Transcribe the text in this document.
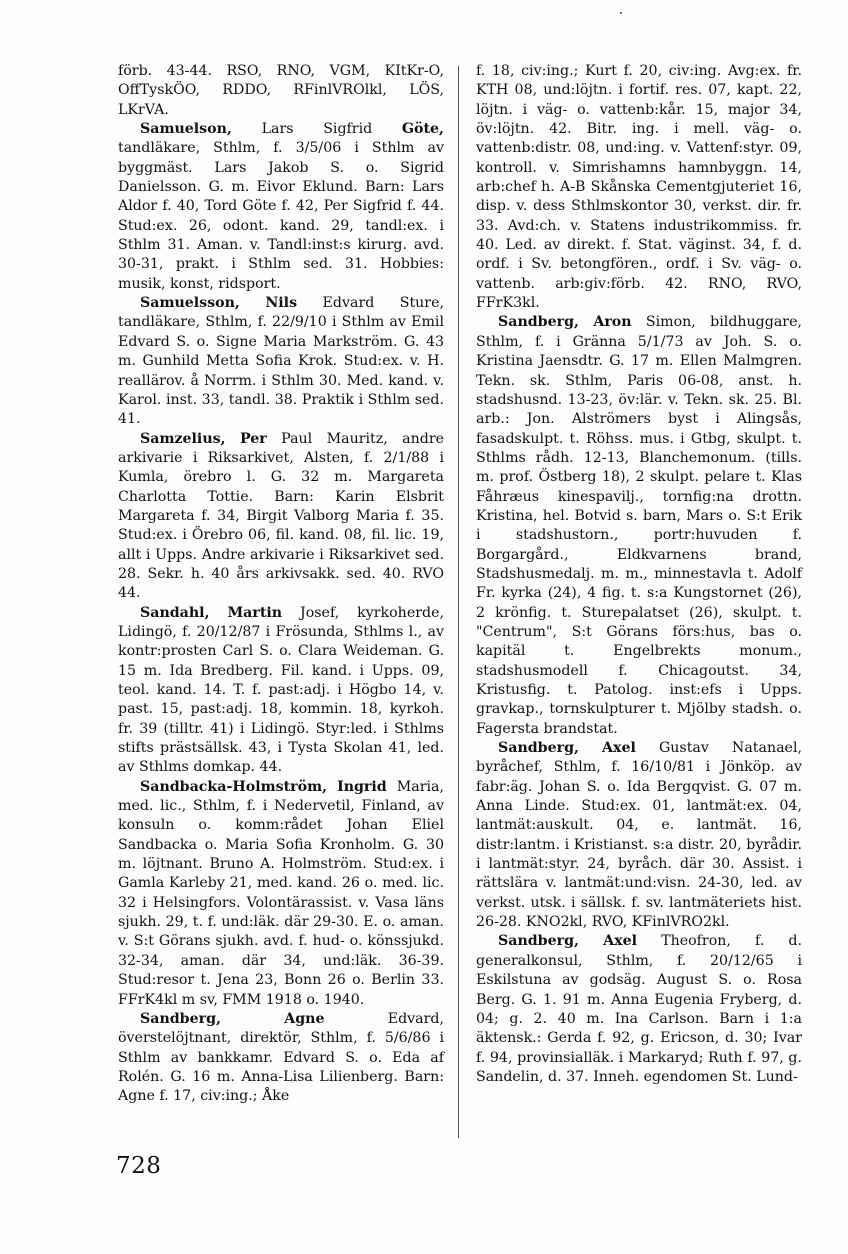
förb. 43-44. RSO, RNO, VGM, KItKr-O, OffTyskÖO, RDDO, RFinlVROlkl, LÖS, LKrVA.

Samuelson, Lars Sigfrid Göte, tandläkare, Sthlm, f. 3/5/06 i Sthlm av byggmäst. Lars Jakob S. o. Sigrid Danielsson. G. m. Eivor Eklund. Barn: Lars Aldor f. 40, Tord Göte f. 42, Per Sigfrid f. 44. Stud:ex. 26, odont. kand. 29, tandl:ex. i Sthlm 31. Aman. v. Tandl:inst:s kirurg. avd. 30-31, prakt. i Sthlm sed. 31. Hobbies: musik, konst, ridsport.

Samuelsson, Nils Edvard Sture, tandläkare, Sthlm, f. 22/9/10 i Sthlm av Emil Edvard S. o. Signe Maria Markström. G. 43 m. Gunhild Metta Sofia Krok. Stud:ex. v. H. reallärov. å Norrm. i Sthlm 30. Med. kand. v. Karol. inst. 33, tandl. 38. Praktik i Sthlm sed. 41.

Samzelius, Per Paul Mauritz, andre arkivarie i Riksarkivet, Alsten, f. 2/1/88 i Kumla, örebro l. G. 32 m. Margareta Charlotta Tottie. Barn: Karin Elsbrit Margareta f. 34, Birgit Valborg Maria f. 35. Stud:ex. i Örebro 06, fil. kand. 08, fil. lic. 19, allt i Upps. Andre arkivarie i Riksarkivet sed. 28. Sekr. h. 40 års arkivsakk. sed. 40. RVO 44.

Sandahl, Martin Josef, kyrkoherde, Lidingö, f. 20/12/87 i Frösunda, Sthlms l., av kontr:prosten Carl S. o. Clara Weideman. G. 15 m. Ida Bredberg. Fil. kand. i Upps. 09, teol. kand. 14. T. f. past:adj. i Högbo 14, v. past. 15, past:adj. 18, kommin. 18, kyrkoh. fr. 39 (tilltr. 41) i Lidingö. Styr:led. i Sthlms stifts prästsällsk. 43, i Tysta Skolan 41, led. av Sthlms domkap. 44.

Sandbacka-Holmström, Ingrid Maria, med. lic., Sthlm, f. i Nedervetil, Finland, av konsuln o. komm:rådet Johan Eliel Sandbacka o. Maria Sofia Kronholm. G. 30 m. löjtnant. Bruno A. Holmström. Stud:ex. i Gamla Karleby 21, med. kand. 26 o. med. lic. 32 i Helsingfors. Volontärassist. v. Vasa läns sjukh. 29, t. f. und:läk. där 29-30. E. o. aman. v. S:t Görans sjukh. avd. f. hud- o. könssjukd. 32-34, aman. där 34, und:läk. 36-39. Stud:resor t. Jena 23, Bonn 26 o. Berlin 33. FFrK4kl m sv, FMM 1918 o. 1940.

Sandberg,	Agne Edvard, överstelöjtnant, direktör, Sthlm, f. 5/6/86 i Sthlm av bankkamr. Edvard S. o. Eda af Rolén. G. 16 m. Anna-Lisa Lilienberg. Barn: Agne f. 17, civ:ing.; Åke

f. 18, civ:ing.; Kurt f. 20, civ:ing. Avg:ex. fr. KTH 08, und:löjtn. i fortif. res. 07, kapt. 22, löjtn. i väg- o. vattenb:kår. 15, major 34, öv:löjtn. 42. Bitr. ing. i mell. väg- o. vattenb:distr. 08, und:ing. v. Vattenf:styr. 09, kontroll. v. Simrishamns hamnbyggn. 14, arb:chef h. A-B Skånska Cementgjuteriet 16, disp. v. dess Sthlmskontor 30, verkst. dir. fr. 33. Avd:ch. v. Statens industrikommiss. fr. 40. Led. av direkt. f. Stat. väginst. 34, f. d. ordf. i Sv. betongfören., ordf. i Sv. väg- o. vattenb. arb:giv:förb. 42. RNO, RVO, FFrK3kl.

Sandberg, Aron Simon, bildhuggare, Sthlm, f. i Gränna 5/1/73 av Joh. S. o. Kristina Jaensdtr. G. 17 m. Ellen Malmgren. Tekn. sk. Sthlm, Paris 06-08, anst. h. stadshusnd. 13-23, öv:lär. v. Tekn. sk. 25. Bl. arb.: Jon. Alströmers byst i Alingsås, fasadskulpt. t. Röhss. mus. i Gtbg, skulpt. t. Sthlms rådh. 12-13, Blanchemonum. (tills. m. prof. Östberg 18), 2 skulpt. pelare t. Klas Fåhræus kinespavilj., tornfig:na drottn. Kristina, hel. Botvid s. barn, Mars o. S:t Erik i stadshustorn., portr:huvuden f. Borgargård., Eldkvarnens brand, Stadshusmedalj. m. m., minnestavla t. Adolf Fr. kyrka (24), 4 fig. t. s:a Kungstornet (26), 2 krönfig. t. Sturepalatset (26), skulpt. t. "Centrum", S:t Görans förs:hus, bas o. kapitäl t. Engelbrekts monum., stadshusmodell f. Chicagoutst. 34, Kristusfig. t. Patolog. inst:efs i Upps. gravkap., tornskulpturer t. Mjölby stadsh. o. Fagersta brandstat.

Sandberg, Axel Gustav Natanael, byråchef, Sthlm, f. 16/10/81 i Jönköp. av fabr:äg. Johan S. o. Ida Bergqvist. G. 07 m. Anna Linde. Stud:ex. 01, lantmät:ex. 04, lantmät:auskult. 04, e. lantmät. 16, distr:lantm. i Kristianst. s:a distr. 20, byrådir. i lantmät:styr. 24, byråch. där 30. Assist. i rättslära v. lantmät:und:visn. 24-30, led. av verkst. utsk. i sällsk. f. sv. lantmäteriets hist. 26-28. KNO2kl, RVO, KFinlVRO2kl.

Sandberg, Axel Theofron, f. d. generalkonsul, Sthlm, f. 20/12/65 i Eskilstuna av godsäg. August S. o. Rosa Berg. G. 1. 91 m. Anna Eugenia Fryberg, d. 04; g. 2. 40 m. Ina Carlson. Barn i 1:a äktensk.: Gerda f. 92, g. Ericson, d. 30; Ivar f. 94, provinsialläk. i Markaryd; Ruth f. 97, g. Sandelin, d. 37. Inneh. egendomen St. Lund-

728
